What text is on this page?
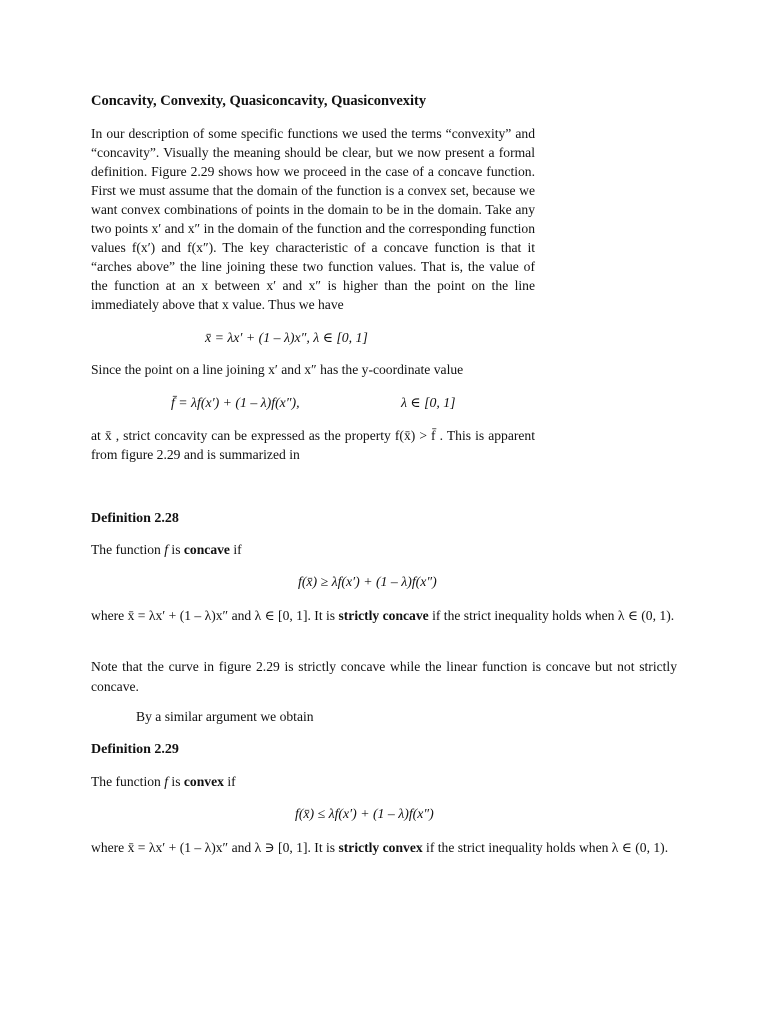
Concavity, Convexity, Quasiconcavity, Quasiconvexity

In our description of some specific functions we used the terms “convexity” and “concavity”. Visually the meaning should be clear, but we now present a formal definition. Figure 2.29 shows how we proceed in the case of a concave function. First we must assume that the domain of the function is a convex set, because we want convex combinations of points in the domain to be in the domain. Take any two points x′ and x″ in the domain of the function and the corresponding function values f(x′) and f(x″). The key characteristic of a concave function is that it “arches above” the line joining these two function values. That is, the value of the function at an x between x′ and x″ is higher than the point on the line immediately above that x value. Thus we have

x̄ = λx′ + (1 – λ)x″, λ ∈ [0, 1]
Since the point on a line joining x′ and x″ has the y-coordinate value
f̄ = λf(x′) + (1 – λ)f(x″),	λ ∈ [0, 1]

at x̄ , strict concavity can be expressed as the property f(x̄) > f̄ . This is apparent from figure 2.29 and is summarized in

Definition 2.28
The function f is concave if
f(x̄) ≥ λf(x′) + (1 – λ)f(x″)
where x̄ = λx′ + (1 – λ)x″ and λ ∈ [0, 1]. It is strictly concave if the strict inequality holds when λ ∈ (0, 1).
Note that the curve in figure 2.29 is strictly concave while the linear function is concave but not strictly concave.
By a similar argument we obtain
Definition 2.29
The function f is convex if
f(x̄) ≤ λf(x′) + (1 – λ)f(x″)
where x̄ = λx′ + (1 – λ)x″ and λ ∋ [0, 1]. It is strictly convex if the strict inequality holds when λ ∈ (0, 1).
